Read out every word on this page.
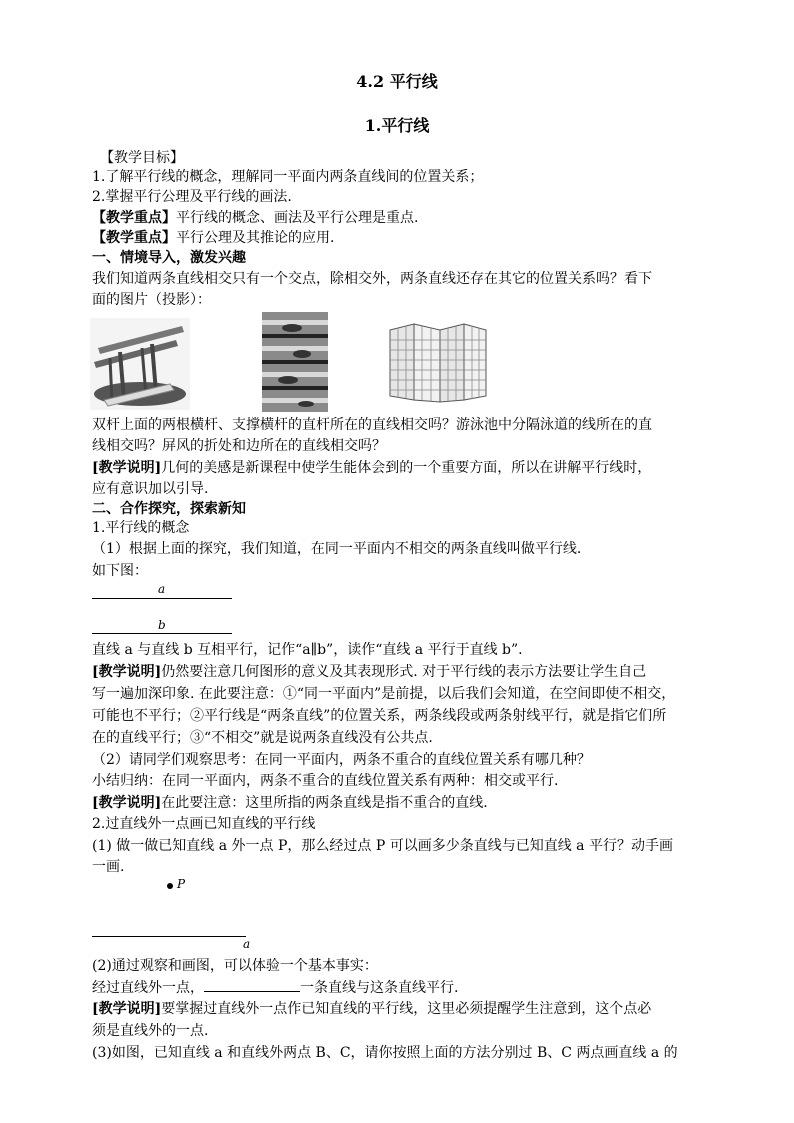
4.2 平行线
1.平行线
【教学目标】
1.了解平行线的概念，理解同一平面内两条直线间的位置关系；
2.掌握平行公理及平行线的画法.
【教学重点】平行线的概念、画法及平行公理是重点.
【教学重点】平行公理及其推论的应用.
一、情境导入，激发兴趣
我们知道两条直线相交只有一个交点，除相交外，两条直线还存在其它的位置关系吗？看下
面的图片（投影）：
双杆上面的两根横杆、支撑横杆的直杆所在的直线相交吗？游泳池中分隔泳道的线所在的直
线相交吗？屏风的折处和边所在的直线相交吗？
[教学说明]几何的美感是新课程中使学生能体会到的一个重要方面，所以在讲解平行线时，
应有意识加以引导.
二、合作探究，探索新知
1.平行线的概念
（1）根据上面的探究，我们知道，在同一平面内不相交的两条直线叫做平行线.
如下图：
a
b
直线 a 与直线 b 互相平行，记作“a∥b”，读作“直线 a 平行于直线 b”.
[教学说明]仍然要注意几何图形的意义及其表现形式. 对于平行线的表示方法要让学生自己
写一遍加深印象. 在此要注意：①“同一平面内”是前提，以后我们会知道，在空间即使不相交，
可能也不平行；②平行线是“两条直线”的位置关系，两条线段或两条射线平行，就是指它们所
在的直线平行；③“不相交”就是说两条直线没有公共点.
（2）请同学们观察思考：在同一平面内，两条不重合的直线位置关系有哪几种？
小结归纳：在同一平面内，两条不重合的直线位置关系有两种：相交或平行.
[教学说明]在此要注意：这里所指的两条直线是指不重合的直线.
2.过直线外一点画已知直线的平行线
(1) 做一做已知直线 a 外一点 P，那么经过点 P 可以画多少条直线与已知直线 a 平行？动手画
一画.
P
a
(2)通过观察和画图，可以体验一个基本事实：
经过直线外一点，	一条直线与这条直线平行.
[教学说明]要掌握过直线外一点作已知直线的平行线，这里必须提醒学生注意到，这个点必
须是直线外的一点.
(3)如图，已知直线 a 和直线外两点 B、C，请你按照上面的方法分别过 B、C 两点画直线 a 的
